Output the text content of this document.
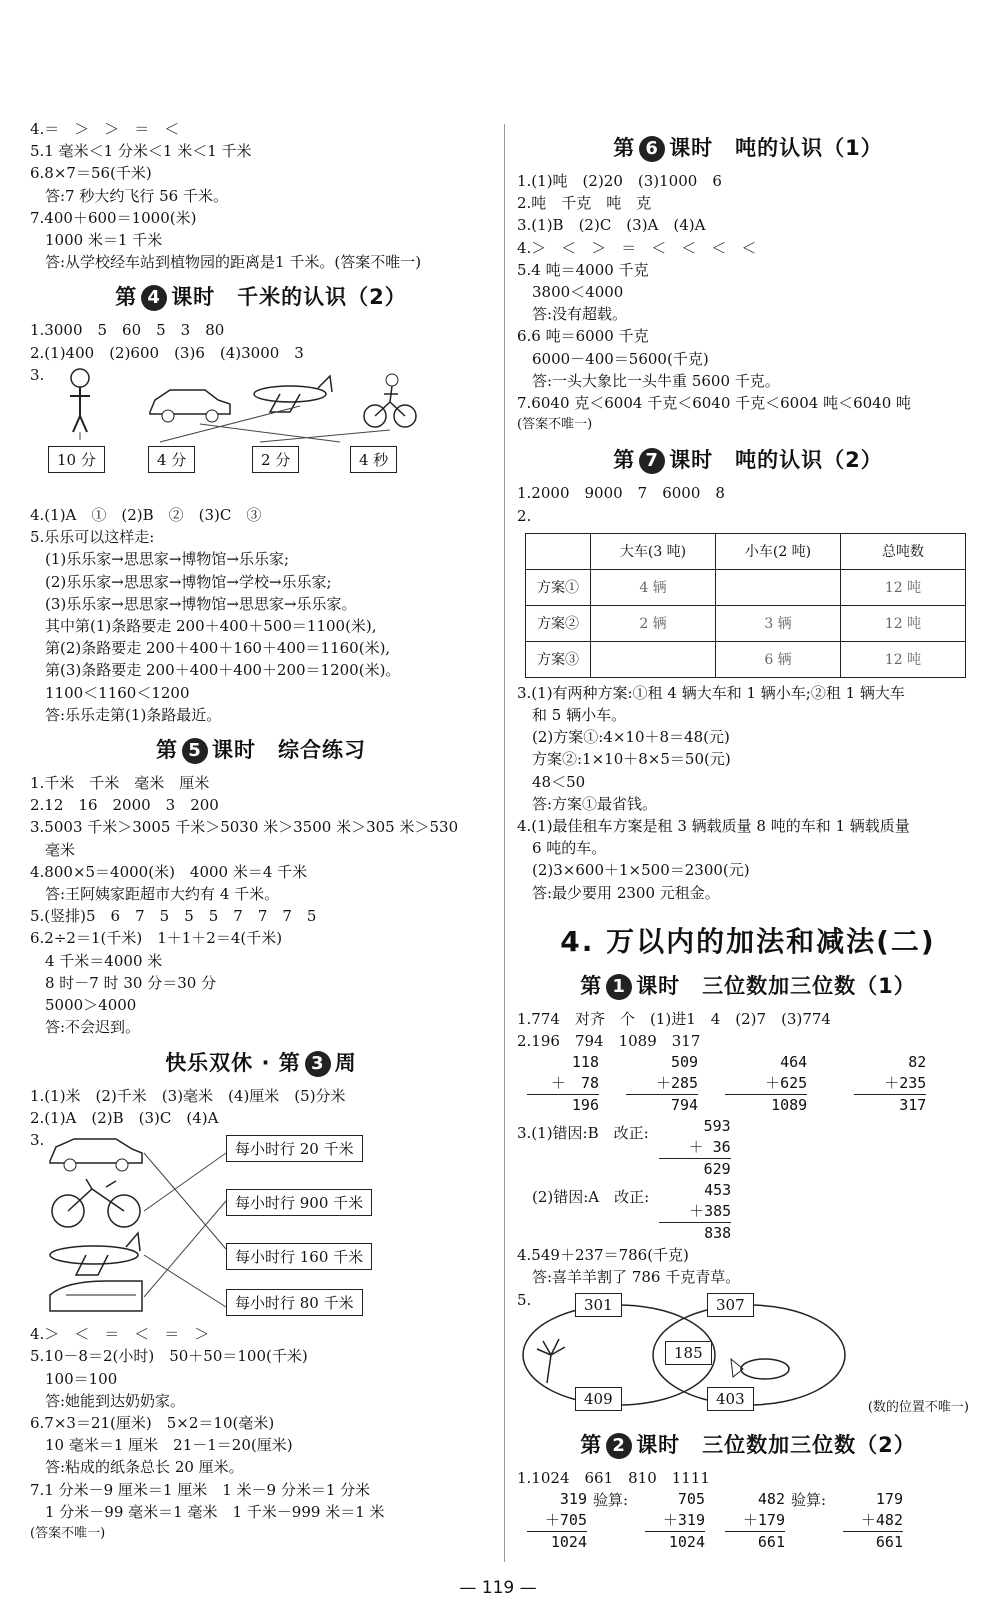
4.＝　＞　＞　＝　＜
5.1 毫米＜1 分米＜1 米＜1 千米
6.8×7＝56(千米)
　答:7 秒大约飞行 56 千米。
7.400＋600＝1000(米)
　1000 米＝1 千米
　答:从学校经车站到植物园的距离是1 千米。(答案不唯一)
第 4 课时　千米的认识（2）
1.3000　5　60　5　3　80
2.(1)400　(2)600　(3)6　(4)3000　3
3.
10 分	4 分	2 分	4 秒
4.(1)A　①　(2)B　②　(3)C　③
5.乐乐可以这样走:
　(1)乐乐家→思思家→博物馆→乐乐家;
　(2)乐乐家→思思家→博物馆→学校→乐乐家;
　(3)乐乐家→思思家→博物馆→思思家→乐乐家。
　其中第(1)条路要走 200＋400＋500＝1100(米),
　第(2)条路要走 200＋400＋160＋400＝1160(米),
　第(3)条路要走 200＋400＋400＋200＝1200(米)。
　1100＜1160＜1200
　答:乐乐走第(1)条路最近。
第 5 课时　综合练习
1.千米　千米　毫米　厘米
2.12　16　2000　3　200
3.5003 千米＞3005 千米＞5030 米＞3500 米＞305 米＞530
　毫米
4.800×5＝4000(米)　4000 米＝4 千米
　答:王阿姨家距超市大约有 4 千米。
5.(竖排)5　6　7　5　5　5　7　7　7　5
6.2÷2＝1(千米)　1＋1＋2＝4(千米)
　4 千米＝4000 米
　8 时－7 时 30 分＝30 分
　5000＞4000
　答:不会迟到。
快乐双休 · 第 3 周
1.(1)米　(2)千米　(3)毫米　(4)厘米　(5)分米
2.(1)A　(2)B　(3)C　(4)A
3.
每小时行 20 千米
每小时行 900 千米
每小时行 160 千米
每小时行 80 千米
4.＞　＜　＝　＜　＝　＞
5.10－8＝2(小时)　50＋50＝100(千米)
　100＝100
　答:她能到达奶奶家。
6.7×3＝21(厘米)　5×2＝10(毫米)
　10 毫米＝1 厘米　21－1＝20(厘米)
　答:粘成的纸条总长 20 厘米。
7.1 分米－9 厘米＝1 厘米　1 米－9 分米＝1 分米
　1 分米－99 毫米＝1 毫米　1 千米－999 米＝1 米
(答案不唯一)
第 6 课时　吨的认识（1）
1.(1)吨　(2)20　(3)1000　6
2.吨　千克　吨　克
3.(1)B　(2)C　(3)A　(4)A
4.＞　＜　＞　＝　＜　＜　＜　＜
5.4 吨＝4000 千克
　3800＜4000
　答:没有超载。
6.6 吨＝6000 千克
　6000－400＝5600(千克)
　答:一头大象比一头牛重 5600 千克。
7.6040 克＜6004 千克＜6040 千克＜6004 吨＜6040 吨
(答案不唯一)
第 7 课时　吨的认识（2）
1.2000　9000　7　6000　8
2.
	大车(3 吨)	小车(2 吨)	总吨数
方案①	4 辆		12 吨
方案②	2 辆	3 辆	12 吨
方案③		6 辆	12 吨
3.(1)有两种方案:①租 4 辆大车和 1 辆小车;②租 1 辆大车
　和 5 辆小车。
　(2)方案①:4×10＋8＝48(元)
　方案②:1×10＋8×5＝50(元)
　48＜50
　答:方案①最省钱。
4.(1)最佳租车方案是租 3 辆载质量 8 吨的车和 1 辆载质量
　6 吨的车。
　(2)3×600＋1×500＝2300(元)
　答:最少要用 2300 元租金。
4. 万以内的加法和减法(二)
第 1 课时　三位数加三位数（1）
1.774　对齐　个　(1)进1　4　(2)7　(3)774
2.196　794　1089　317
118
＋　78
196

509
＋285
794

464
＋625
1089

82
＋235
317
3.(1)错因:B　改正:	593
＋ 36
629
　(2)错因:A　改正:	453
＋385
838
4.549＋237＝786(千克)
　答:喜羊羊割了 786 千克青草。
5.	301	307
185
409	403	(数的位置不唯一)
第 2 课时　三位数加三位数（2）
1.1024　661　810　1111
319
＋705
1024
验算:	705
＋319
1024
482
＋179
661
验算:	179
＋482
661
— 119 —
